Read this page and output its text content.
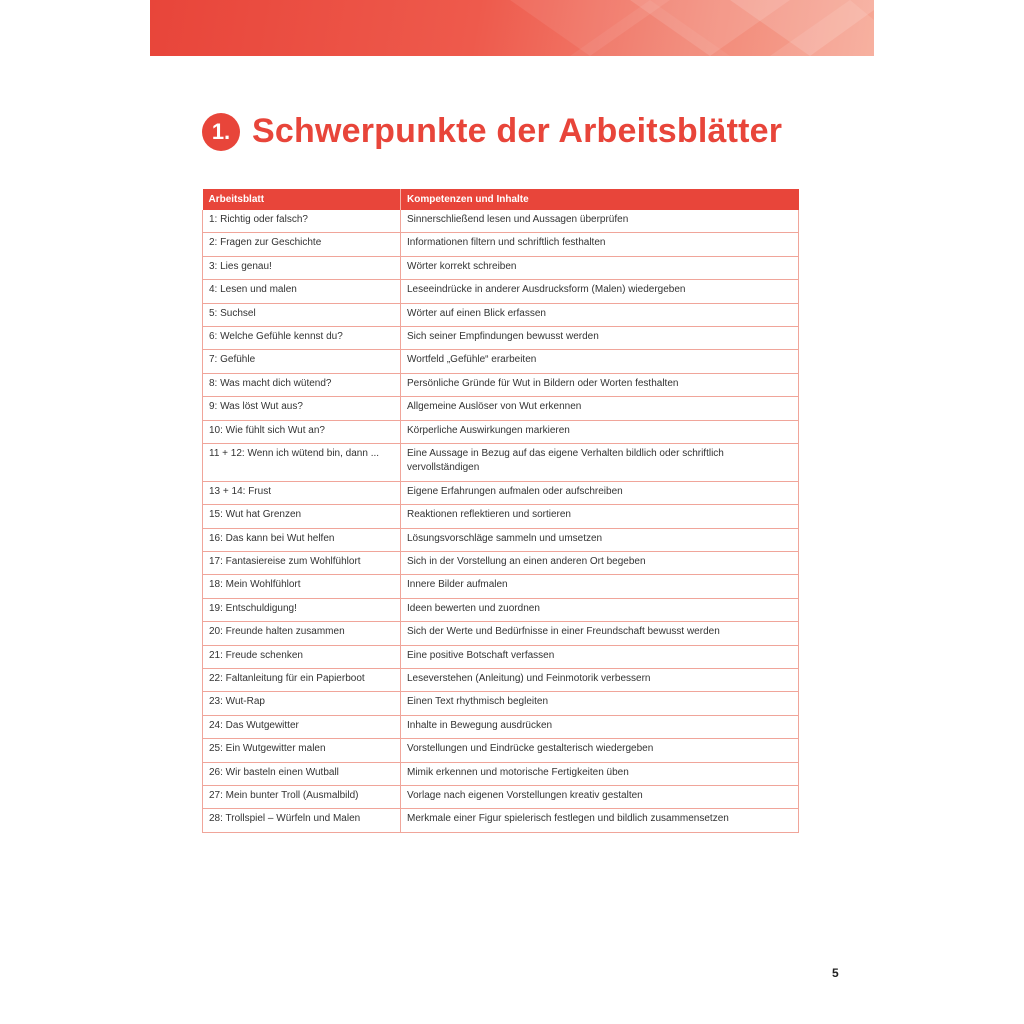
1. Schwerpunkte der Arbeitsblätter
Arbeitsblatt	Kompetenzen und Inhalte
1: Richtig oder falsch?	Sinnerschließend lesen und Aussagen überprüfen
2: Fragen zur Geschichte	Informationen filtern und schriftlich festhalten
3: Lies genau!	Wörter korrekt schreiben
4: Lesen und malen	Leseeindrücke in anderer Ausdrucksform (Malen) wiedergeben
5: Suchsel	Wörter auf einen Blick erfassen
6: Welche Gefühle kennst du?	Sich seiner Empfindungen bewusst werden
7: Gefühle	Wortfeld „Gefühle“ erarbeiten
8: Was macht dich wütend?	Persönliche Gründe für Wut in Bildern oder Worten festhalten
9: Was löst Wut aus?	Allgemeine Auslöser von Wut erkennen
10: Wie fühlt sich Wut an?	Körperliche Auswirkungen markieren
11 + 12: Wenn ich wütend bin, dann ...	Eine Aussage in Bezug auf das eigene Verhalten bildlich oder schriftlich vervollständigen
13 + 14: Frust	Eigene Erfahrungen aufmalen oder aufschreiben
15: Wut hat Grenzen	Reaktionen reflektieren und sortieren
16: Das kann bei Wut helfen	Lösungsvorschläge sammeln und umsetzen
17: Fantasiereise zum Wohlfühlort	Sich in der Vorstellung an einen anderen Ort begeben
18: Mein Wohlfühlort	Innere Bilder aufmalen
19: Entschuldigung!	Ideen bewerten und zuordnen
20: Freunde halten zusammen	Sich der Werte und Bedürfnisse in einer Freundschaft bewusst werden
21: Freude schenken	Eine positive Botschaft verfassen
22: Faltanleitung für ein Papierboot	Leseverstehen (Anleitung) und Feinmotorik verbessern
23: Wut-Rap	Einen Text rhythmisch begleiten
24: Das Wutgewitter	Inhalte in Bewegung ausdrücken
25: Ein Wutgewitter malen	Vorstellungen und Eindrücke gestalterisch wiedergeben
26: Wir basteln einen Wutball	Mimik erkennen und motorische Fertigkeiten üben
27: Mein bunter Troll (Ausmalbild)	Vorlage nach eigenen Vorstellungen kreativ gestalten
28: Trollspiel – Würfeln und Malen	Merkmale einer Figur spielerisch festlegen und bildlich zusammensetzen
5
